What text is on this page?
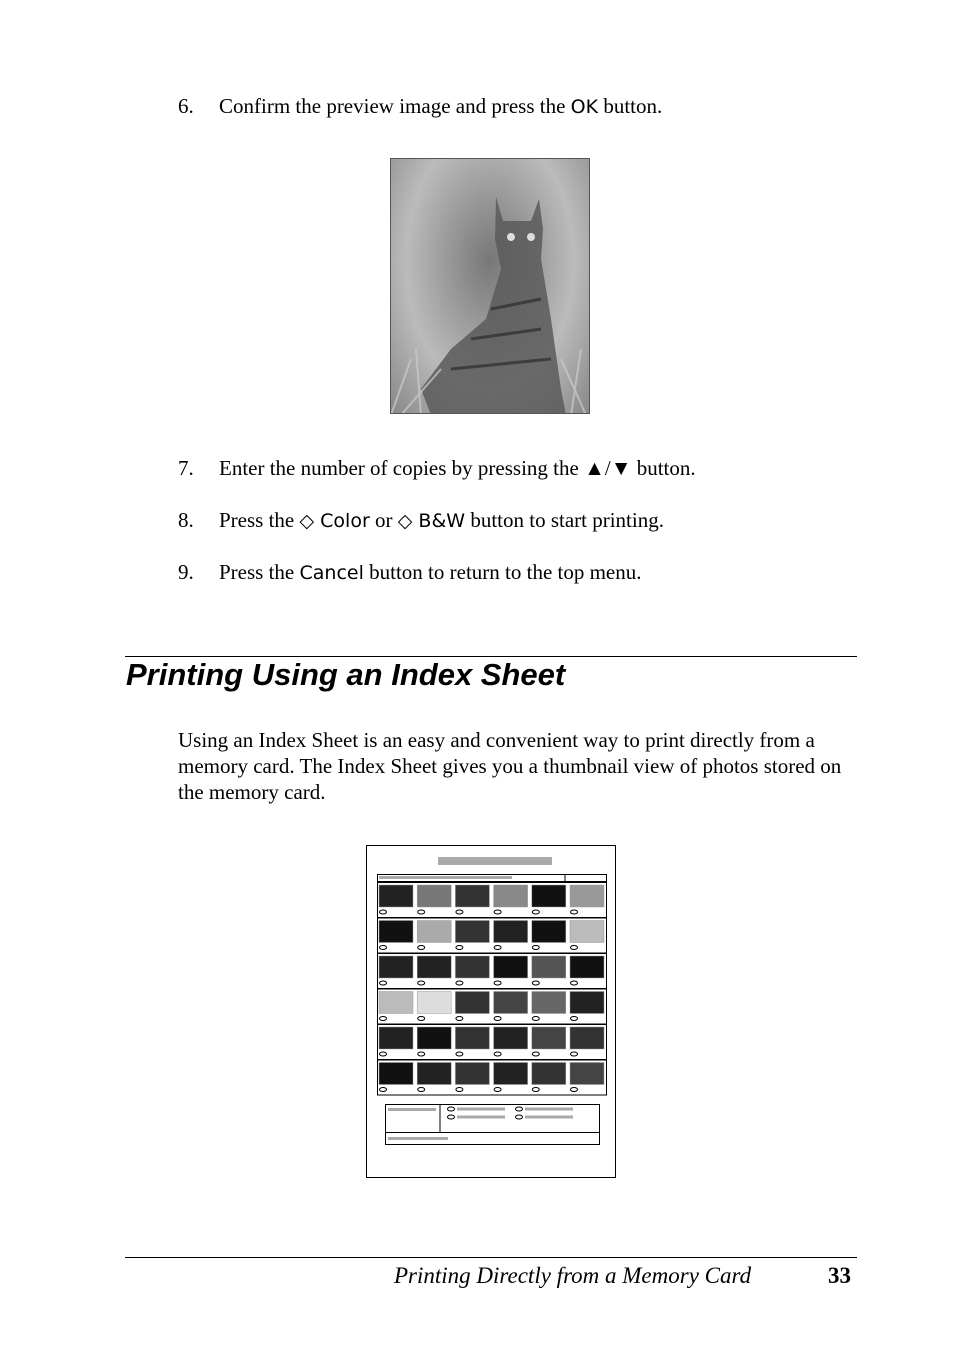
Printing Using an Index Sheet
Using an Index Sheet is an easy and convenient way to print directly from a memory card. The Index Sheet gives you a thumbnail view of photos stored on the memory card.
Printing Directly from a Memory Card	33
6. Confirm the preview image and press the OK button.
7. Enter the number of copies by pressing the ▲/▼ button.
8. Press the ◇ Color or ◇ B&W button to start printing.
9. Press the Cancel button to return to the top menu.
